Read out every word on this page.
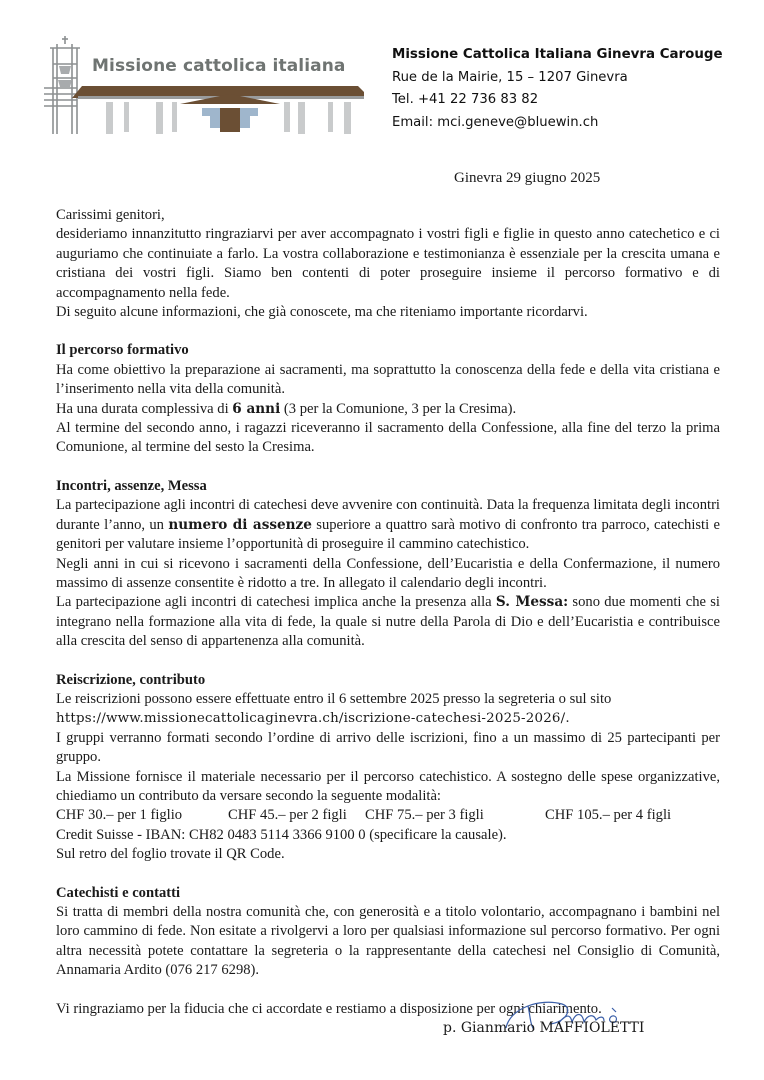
Missione cattolica italiana
Missione Cattolica Italiana Ginevra Carouge
Rue de la Mairie, 15 – 1207 Ginevra
Tel. +41 22 736 83 82
Email: mci.geneve@bluewin.ch
Ginevra 29 giugno 2025

Carissimi genitori,

desideriamo innanzitutto ringraziarvi per aver accompagnato i vostri figli e figlie in questo anno catechetico e ci auguriamo che continuiate a farlo. La vostra collaborazione e testimonianza è essenziale per la crescita umana e cristiana dei vostri figli. Siamo ben contenti di poter proseguire insieme il percorso formativo e di accompagnamento nella fede.

Di seguito alcune informazioni, che già conoscete, ma che riteniamo importante ricordarvi.

Il percorso formativo

Ha come obiettivo la preparazione ai sacramenti, ma soprattutto la conoscenza della fede e della vita cristiana e l’inserimento nella vita della comunità.

Ha una durata complessiva di 6 anni (3 per la Comunione, 3 per la Cresima).

Al termine del secondo anno, i ragazzi riceveranno il sacramento della Confessione, alla fine del terzo la prima Comunione, al termine del sesto la Cresima.

Incontri, assenze, Messa

La partecipazione agli incontri di catechesi deve avvenire con continuità. Data la frequenza limitata degli incontri durante l’anno, un numero di assenze superiore a quattro sarà motivo di confronto tra parroco, catechisti e genitori per valutare insieme l’opportunità di proseguire il cammino catechistico.

Negli anni in cui si ricevono i sacramenti della Confessione, dell’Eucaristia e della Confermazione, il numero massimo di assenze consentite è ridotto a tre. In allegato il calendario degli incontri.

La partecipazione agli incontri di catechesi implica anche la presenza alla S. Messa: sono due momenti che si integrano nella formazione alla vita di fede, la quale si nutre della Parola di Dio e dell’Eucaristia e contribuisce alla crescita del senso di appartenenza alla comunità.

Reiscrizione, contributo

Le reiscrizioni possono essere effettuate entro il 6 settembre 2025 presso la segreteria o sul sito

https://www.missionecattolicaginevra.ch/iscrizione-catechesi-2025-2026/.

I gruppi verranno formati secondo l’ordine di arrivo delle iscrizioni, fino a un massimo di 25 partecipanti per gruppo.

La Missione fornisce il materiale necessario per il percorso catechistico. A sostegno delle spese organizzative, chiediamo un contributo da versare secondo la seguente modalità:

CHF 30.– per 1 figlio	CHF 45.– per 2 figli	CHF 75.– per 3 figli	CHF 105.– per 4 figli

Credit Suisse - IBAN: CH82 0483 5114 3366 9100 0 (specificare la causale).

Sul retro del foglio trovate il QR Code.

Catechisti e contatti

Si tratta di membri della nostra comunità che, con generosità e a titolo volontario, accompagnano i bambini nel loro cammino di fede. Non esitate a rivolgervi a loro per qualsiasi informazione sul percorso formativo. Per ogni altra necessità potete contattare la segreteria o la rappresentante della catechesi nel Consiglio di Comunità, Annamaria Ardito (076 217 6298).

Vi ringraziamo per la fiducia che ci accordate e restiamo a disposizione per ogni chiarimento.

p. Gianmario MAFFIOLETTI
